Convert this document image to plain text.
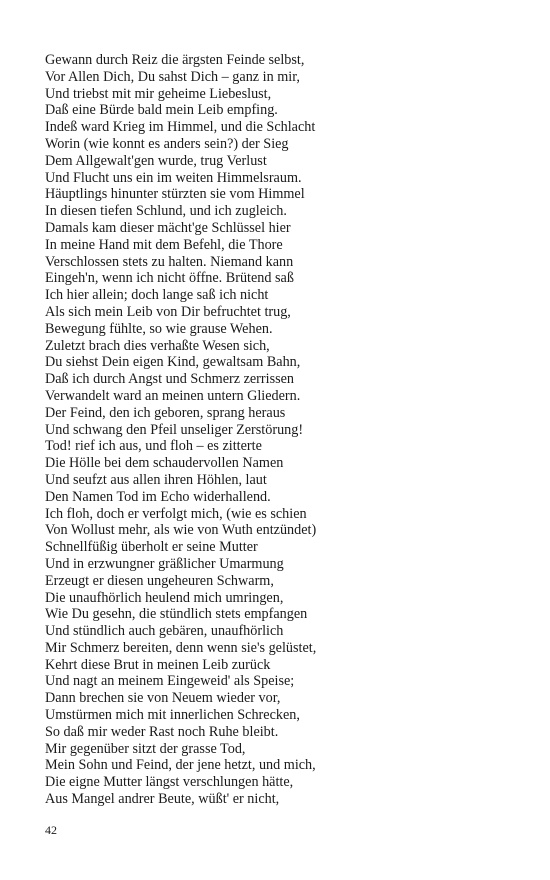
Gewann durch Reiz die ärgsten Feinde selbst,
Vor Allen Dich, Du sahst Dich – ganz in mir,
Und triebst mit mir geheime Liebeslust,
Daß eine Bürde bald mein Leib empfing.
Indeß ward Krieg im Himmel, und die Schlacht
Worin (wie konnt es anders sein?) der Sieg
Dem Allgewalt'gen wurde, trug Verlust
Und Flucht uns ein im weiten Himmelsraum.
Häuptlings hinunter stürzten sie vom Himmel
In diesen tiefen Schlund, und ich zugleich.
Damals kam dieser mächt'ge Schlüssel hier
In meine Hand mit dem Befehl, die Thore
Verschlossen stets zu halten. Niemand kann
Eingeh'n, wenn ich nicht öffne. Brütend saß
Ich hier allein; doch lange saß ich nicht
Als sich mein Leib von Dir befruchtet trug,
Bewegung fühlte, so wie grause Wehen.
Zuletzt brach dies verhaßte Wesen sich,
Du siehst Dein eigen Kind, gewaltsam Bahn,
Daß ich durch Angst und Schmerz zerrissen
Verwandelt ward an meinen untern Gliedern.
Der Feind, den ich geboren, sprang heraus
Und schwang den Pfeil unseliger Zerstörung!
Tod! rief ich aus, und floh – es zitterte
Die Hölle bei dem schaudervollen Namen
Und seufzt aus allen ihren Höhlen, laut
Den Namen Tod im Echo widerhallend.
Ich floh, doch er verfolgt mich, (wie es schien
Von Wollust mehr, als wie von Wuth entzündet)
Schnellfüßig überholt er seine Mutter
Und in erzwungner gräßlicher Umarmung
Erzeugt er diesen ungeheuren Schwarm,
Die unaufhörlich heulend mich umringen,
Wie Du gesehn, die stündlich stets empfangen
Und stündlich auch gebären, unaufhörlich
Mir Schmerz bereiten, denn wenn sie's gelüstet,
Kehrt diese Brut in meinen Leib zurück
Und nagt an meinem Eingeweid' als Speise;
Dann brechen sie von Neuem wieder vor,
Umstürmen mich mit innerlichen Schrecken,
So daß mir weder Rast noch Ruhe bleibt.
Mir gegenüber sitzt der grasse Tod,
Mein Sohn und Feind, der jene hetzt, und mich,
Die eigne Mutter längst verschlungen hätte,
Aus Mangel andrer Beute, wüßt' er nicht,
42
